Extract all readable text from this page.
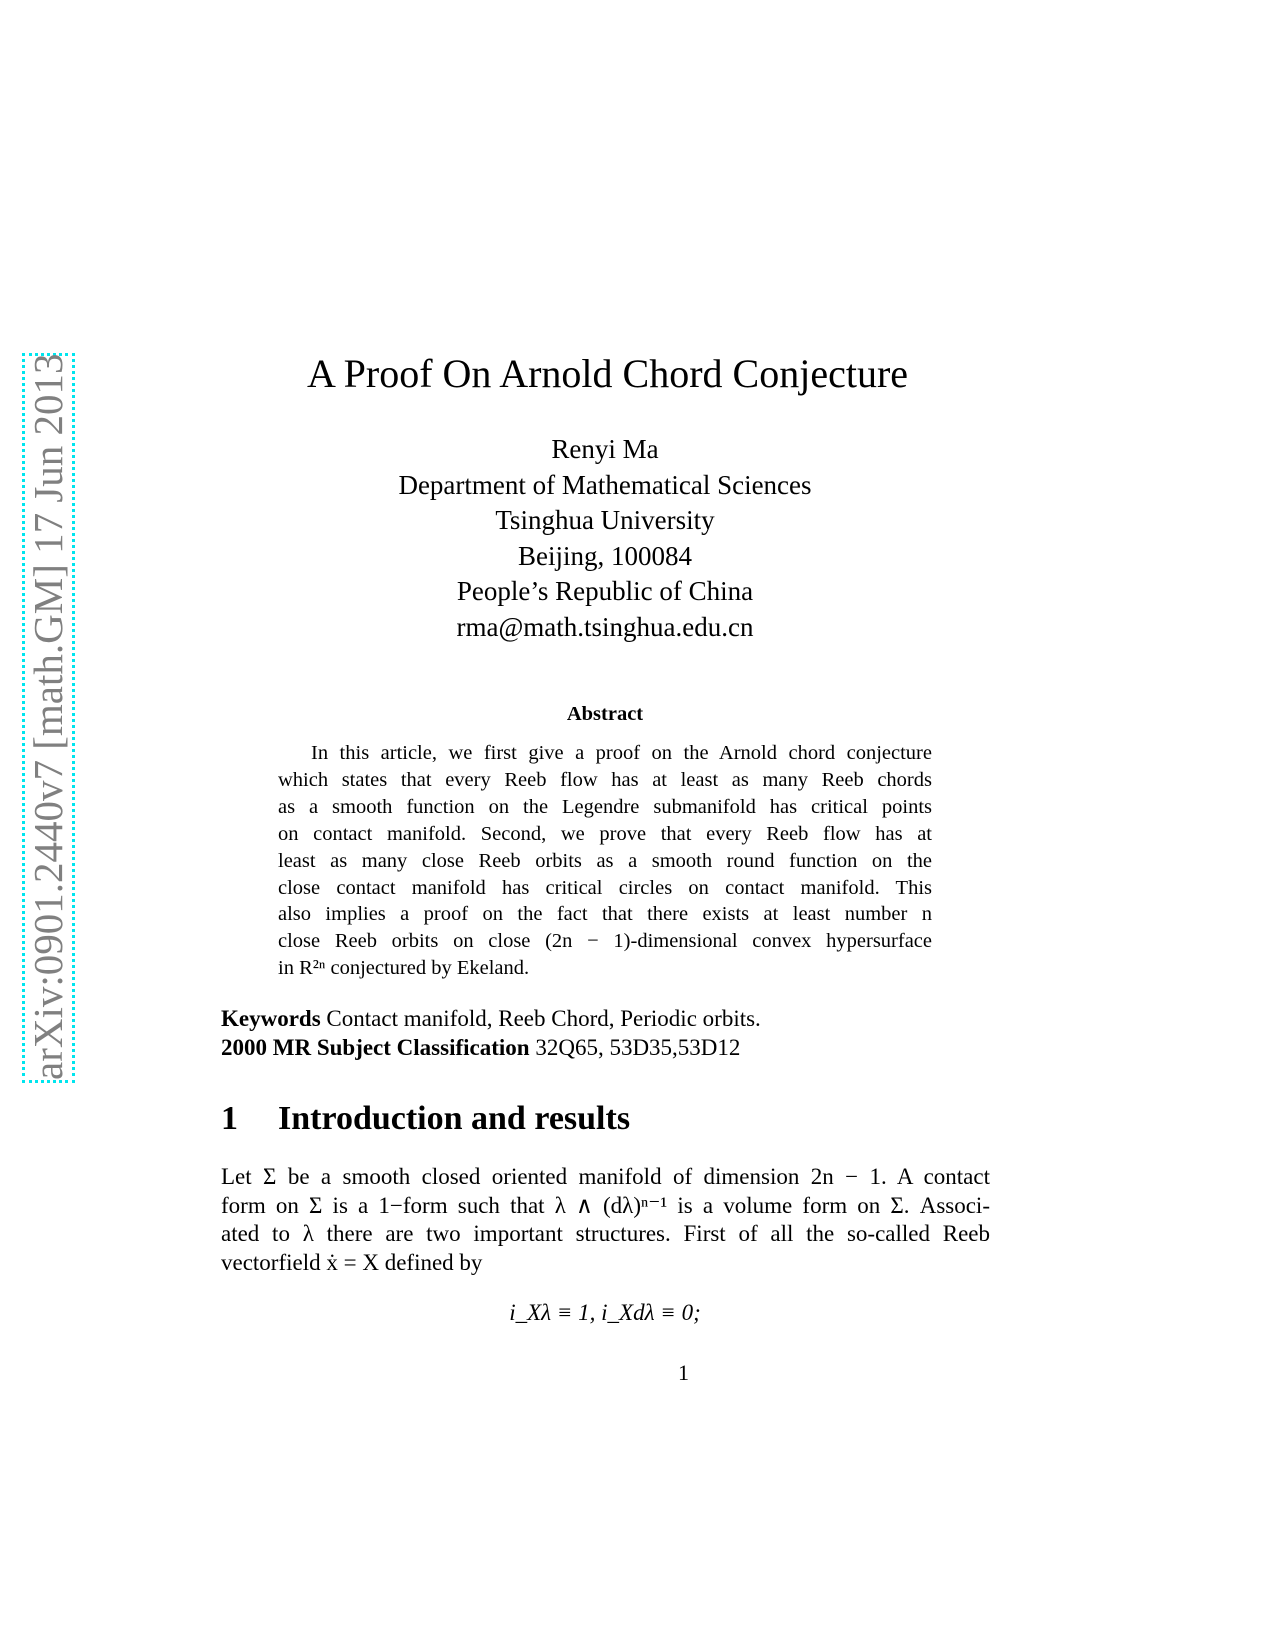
arXiv:0901.2440v7 [math.GM] 17 Jun 2013	A Proof On Arnold Chord Conjecture
Renyi Ma
Department of Mathematical Sciences
Tsinghua University
Beijing, 100084
People’s Republic of China
rma@math.tsinghua.edu.cn
Abstract
In this article, we first give a proof on the Arnold chord conjecture
which states that every Reeb flow has at least as many Reeb chords
as a smooth function on the Legendre submanifold has critical points
on contact manifold. Second, we prove that every Reeb flow has at
least as many close Reeb orbits as a smooth round function on the
close contact manifold has critical circles on contact manifold. This
also implies a proof on the fact that there exists at least number n
close Reeb orbits on close (2n − 1)-dimensional convex hypersurface
in R²ⁿ conjectured by Ekeland.
Keywords Contact manifold, Reeb Chord, Periodic orbits.
2000 MR Subject Classification 32Q65, 53D35,53D12
1 Introduction and results
Let Σ be a smooth closed oriented manifold of dimension 2n − 1. A contact
form on Σ is a 1−form such that λ ∧ (dλ)ⁿ⁻¹ is a volume form on Σ. Associ-
ated to λ there are two important structures. First of all the so-called Reeb
vectorfield ẋ = X defined by
i_Xλ ≡ 1, i_Xdλ ≡ 0;
1
